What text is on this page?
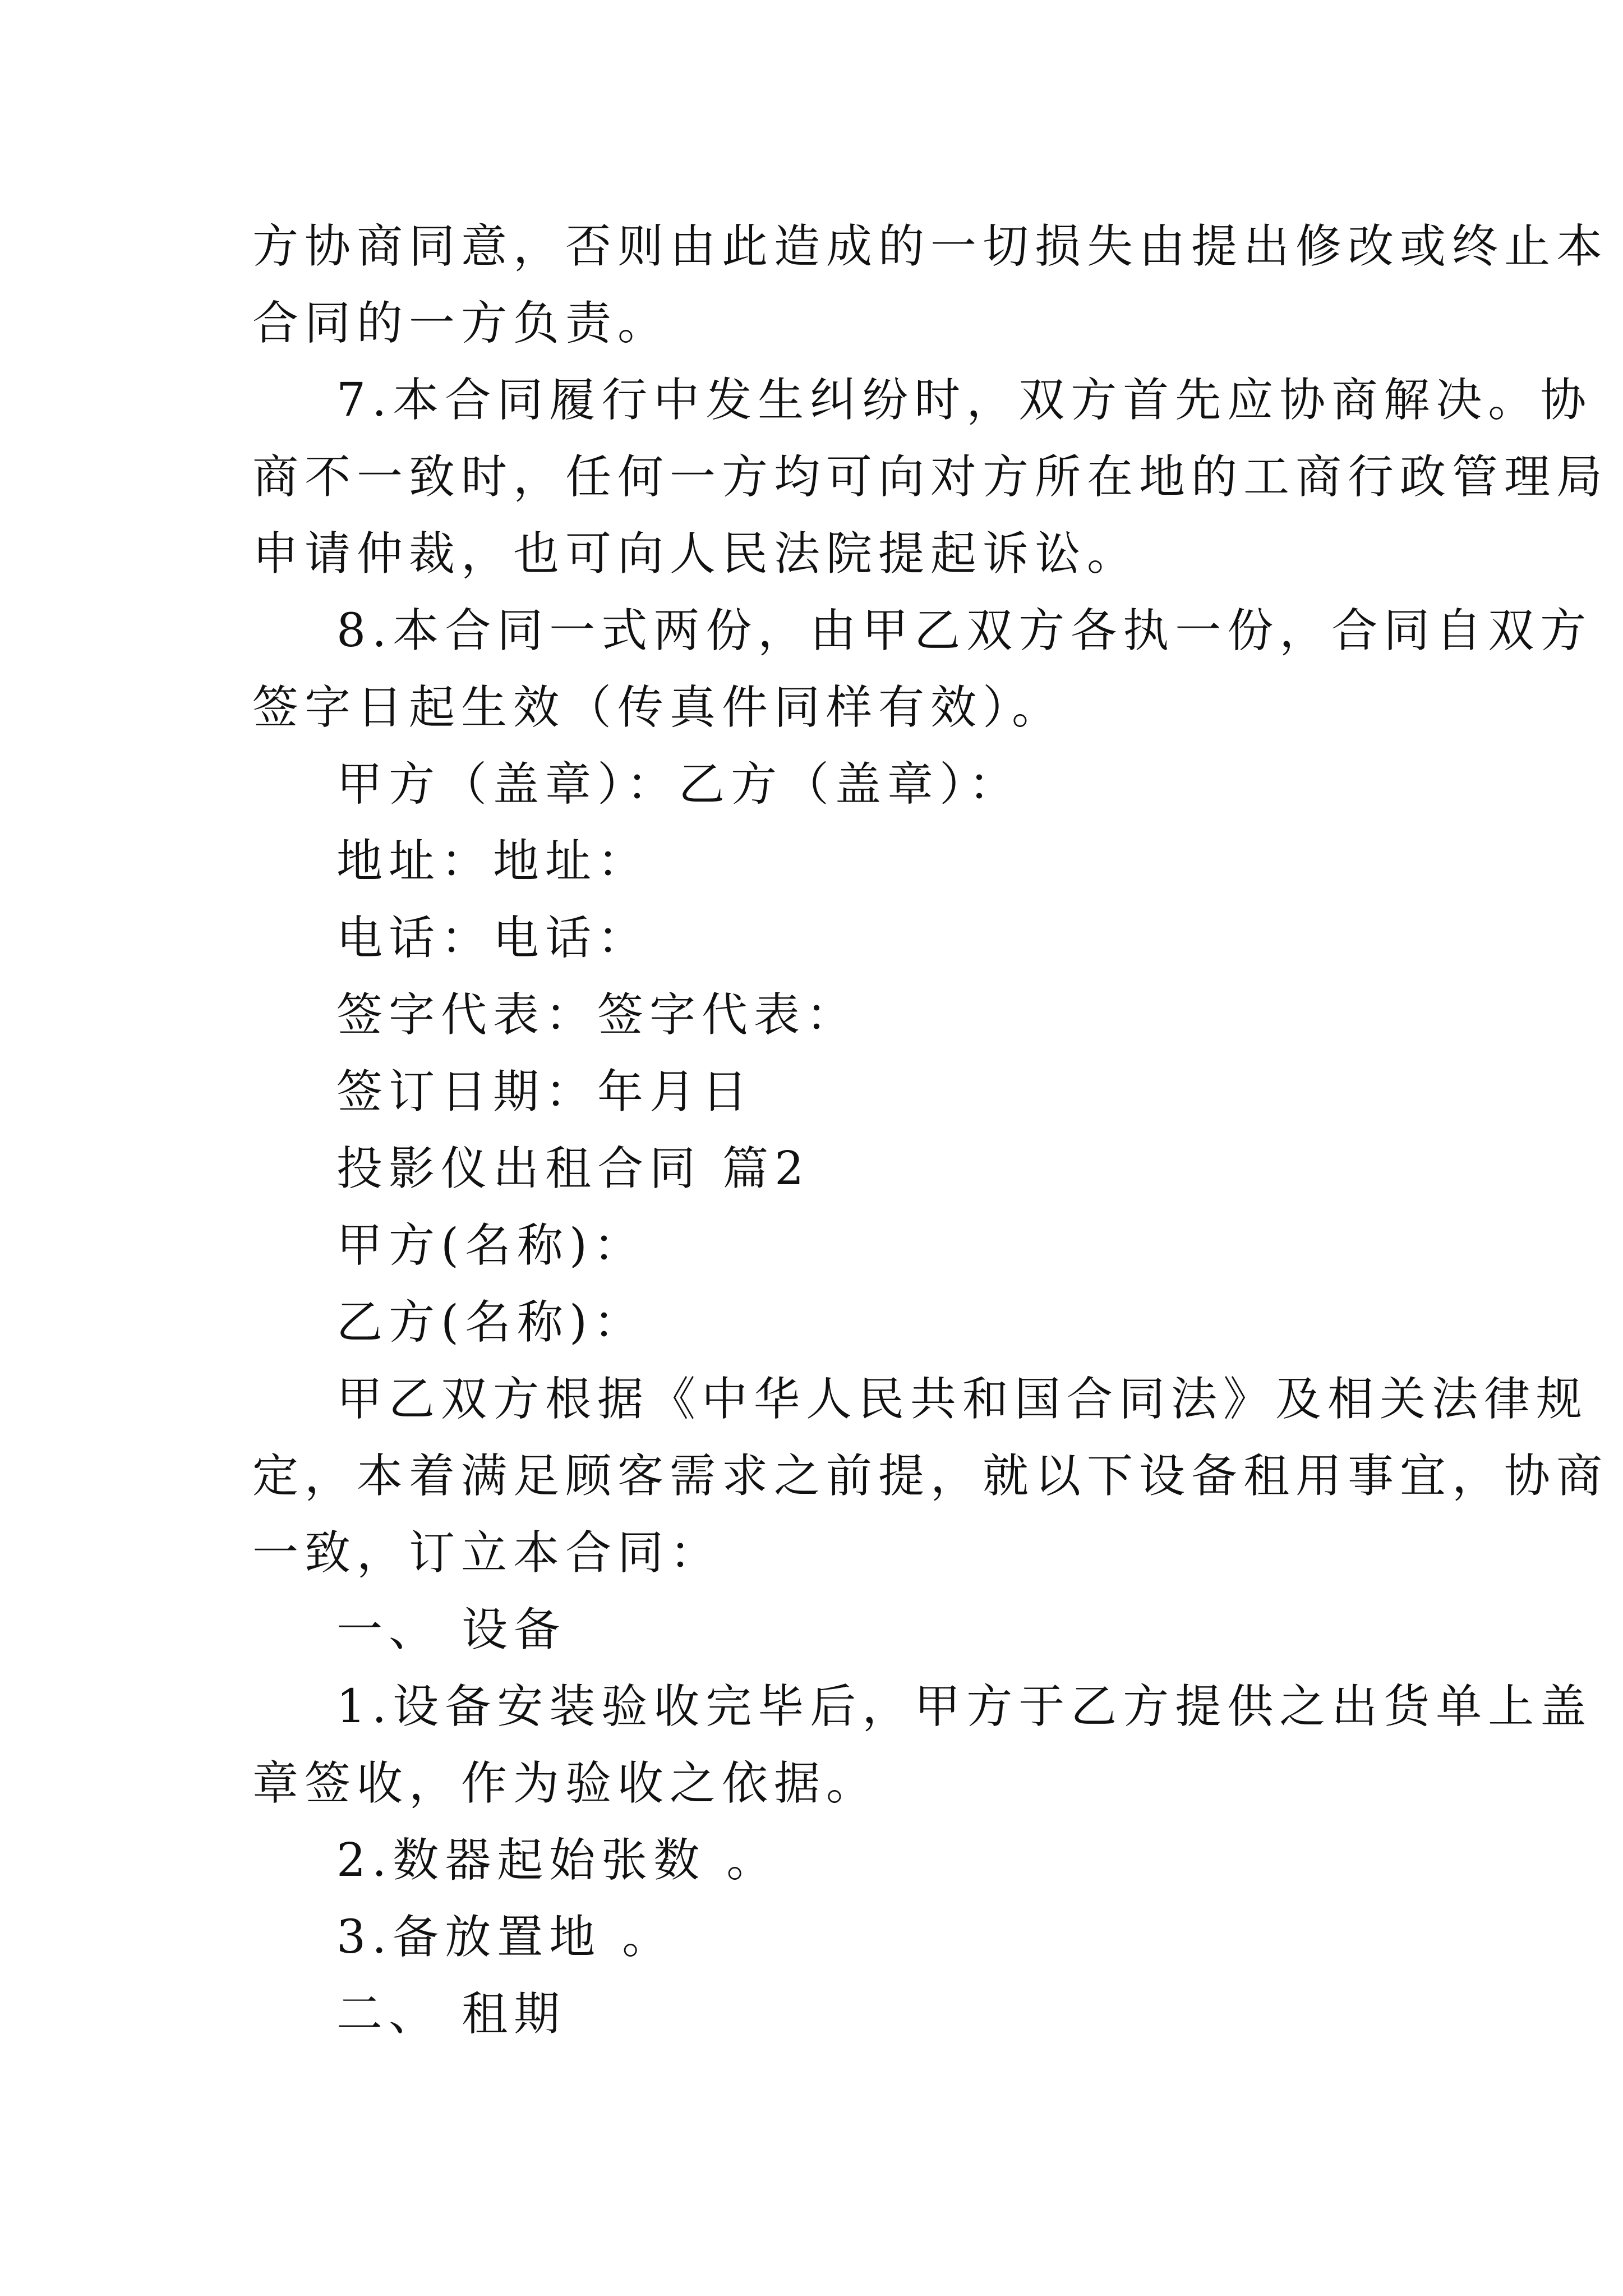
方协商同意，否则由此造成的一切损失由提出修改或终止本
合同的一方负责。
7.本合同履行中发生纠纷时，双方首先应协商解决。协
商不一致时，任何一方均可向对方所在地的工商行政管理局
申请仲裁，也可向人民法院提起诉讼。
8.本合同一式两份，由甲乙双方各执一份，合同自双方
签字日起生效（传真件同样有效）。
甲方（盖章）：乙方（盖章）：
地址：地址：
电话：电话：
签字代表：签字代表：
签订日期：年月日
投影仪出租合同 篇2
甲方(名称)：
乙方(名称)：
甲乙双方根据《中华人民共和国合同法》及相关法律规
定，本着满足顾客需求之前提，就以下设备租用事宜，协商
一致，订立本合同：
一、 设备
1.设备安装验收完毕后，甲方于乙方提供之出货单上盖
章签收，作为验收之依据。
2.数器起始张数 。
3.备放置地 。
二、 租期
